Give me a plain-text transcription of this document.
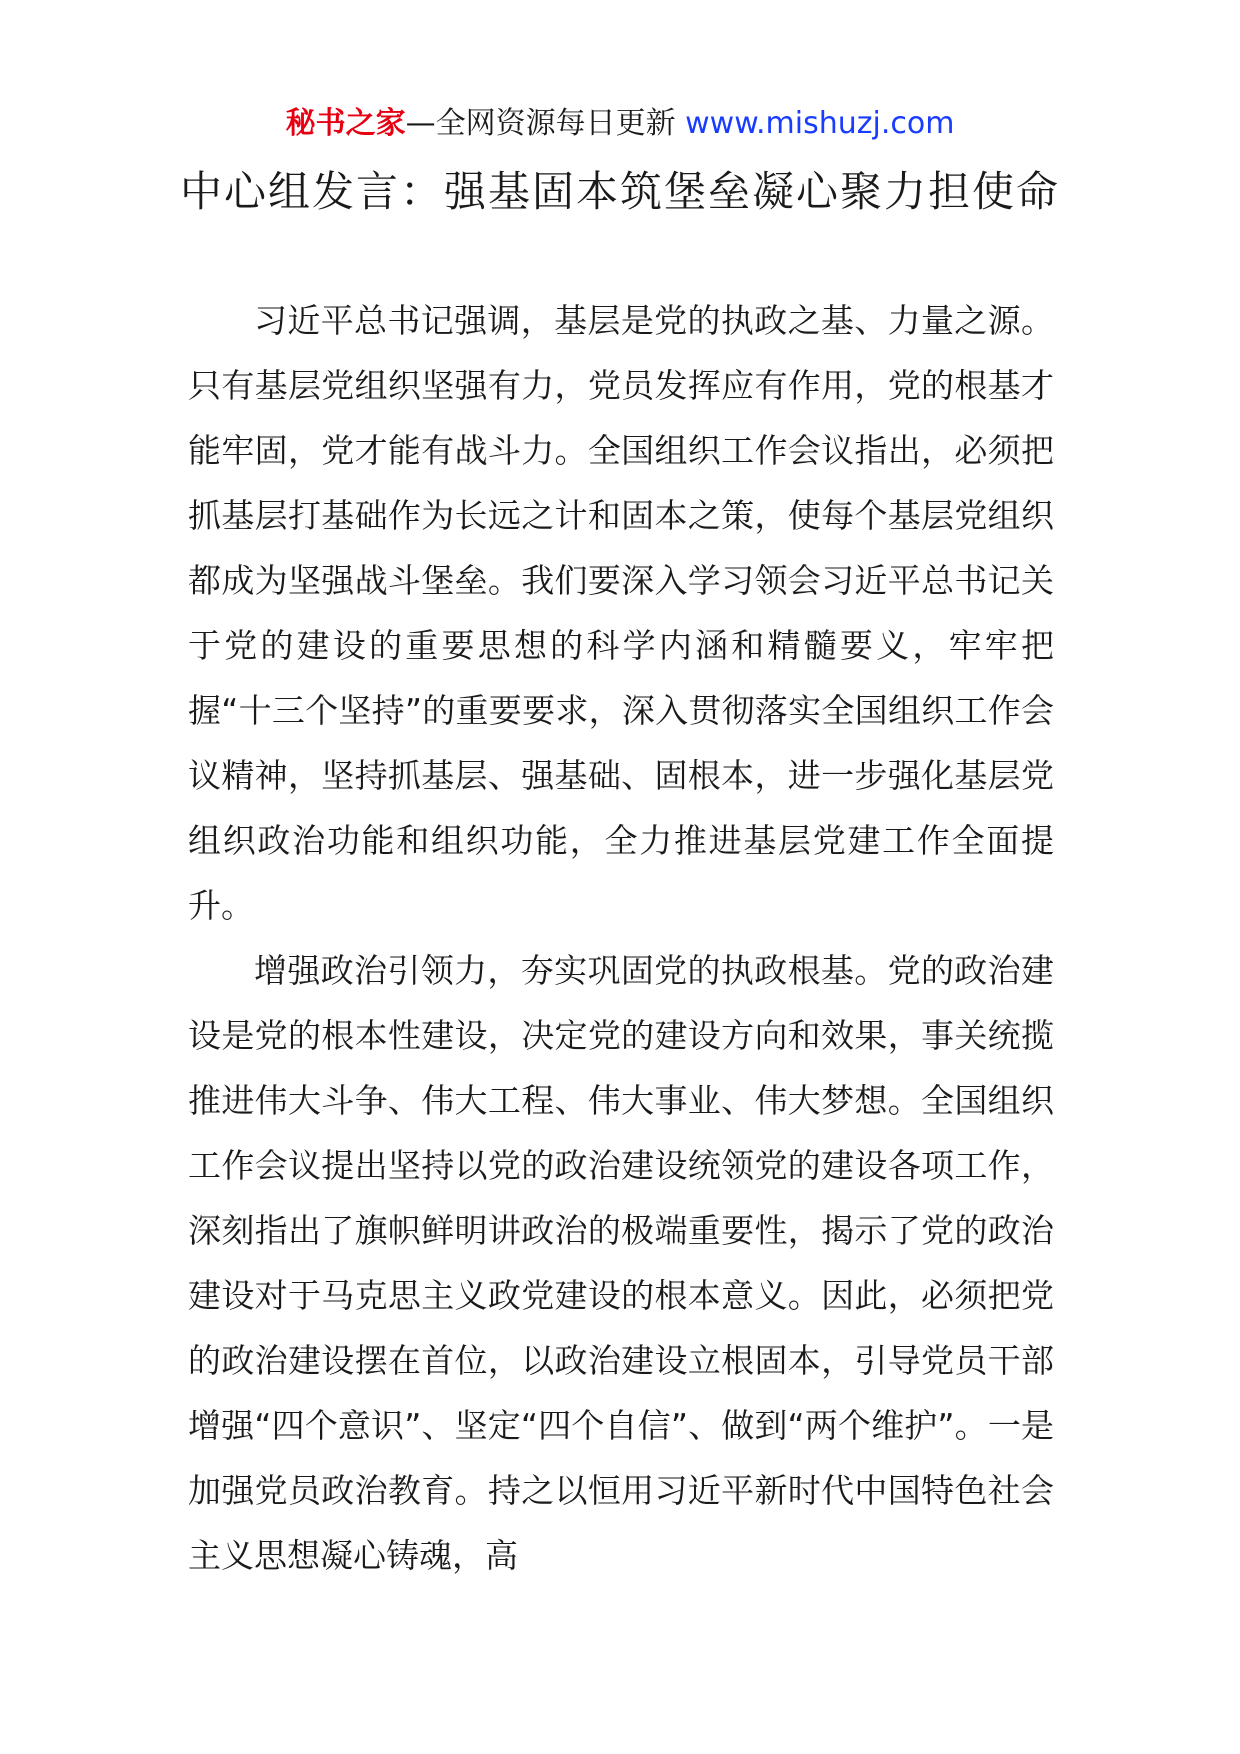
秘书之家—全网资源每日更新 www.mishuzj.com
中心组发言：强基固本筑堡垒凝心聚力担使命

习近平总书记强调，基层是党的执政之基、力量之源。只有基层党组织坚强有力，党员发挥应有作用，党的根基才能牢固，党才能有战斗力。全国组织工作会议指出，必须把抓基层打基础作为长远之计和固本之策，使每个基层党组织都成为坚强战斗堡垒。我们要深入学习领会习近平总书记关于党的建设的重要思想的科学内涵和精髓要义，牢牢把握“十三个坚持”的重要要求，深入贯彻落实全国组织工作会议精神，坚持抓基层、强基础、固根本，进一步强化基层党组织政治功能和组织功能，全力推进基层党建工作全面提升。

增强政治引领力，夯实巩固党的执政根基。党的政治建设是党的根本性建设，决定党的建设方向和效果，事关统揽推进伟大斗争、伟大工程、伟大事业、伟大梦想。全国组织工作会议提出坚持以党的政治建设统领党的建设各项工作，深刻指出了旗帜鲜明讲政治的极端重要性，揭示了党的政治建设对于马克思主义政党建设的根本意义。因此，必须把党的政治建设摆在首位，以政治建设立根固本，引导党员干部增强“四个意识”、坚定“四个自信”、做到“两个维护”。一是加强党员政治教育。持之以恒用习近平新时代中国特色社会主义思想凝心铸魂，高
